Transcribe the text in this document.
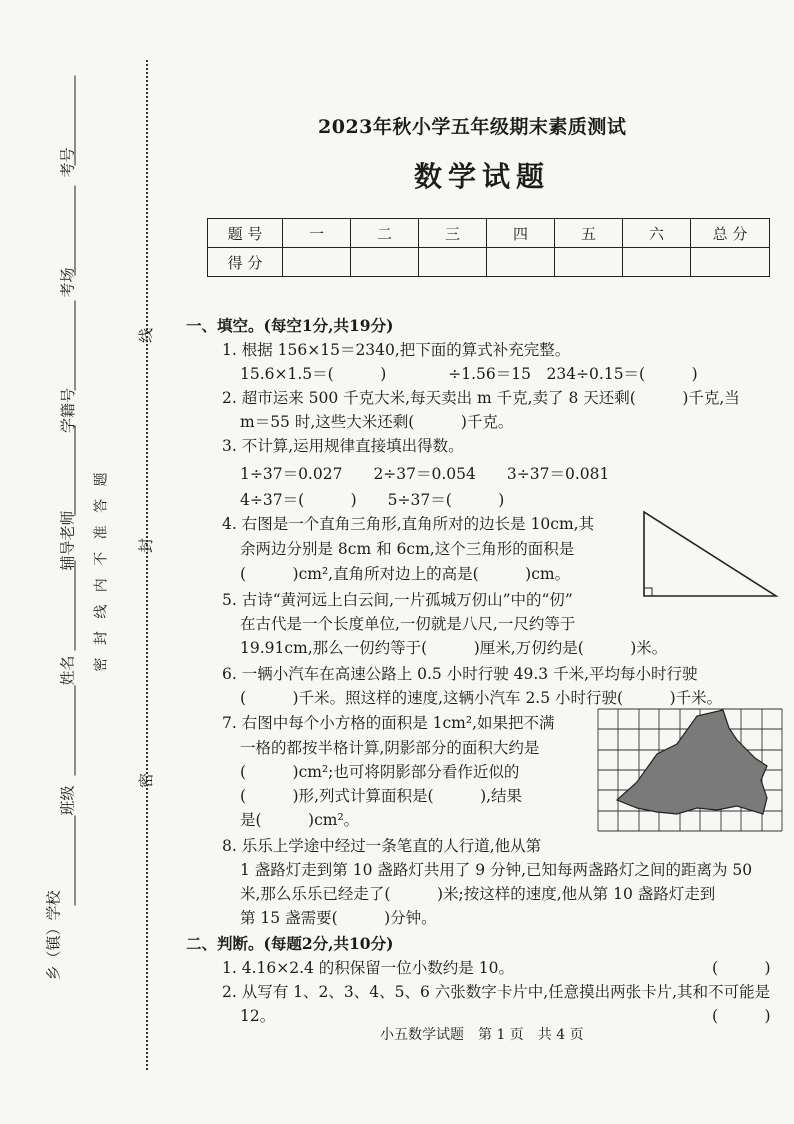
考号
考场
学籍号
辅导老师
姓名
班级
乡（镇）学校
密 封 线 内 不 准 答 题
线
封
密
2023年秋小学五年级期末素质测试
数学试题
题 号	一	二	三	四	五	六	总 分
得 分							
一、填空。(每空1分,共19分)
1. 根据 156×15＝2340,把下面的算式补充完整。
15.6×1.5＝(　　　)　　　　÷1.56＝15　234÷0.15＝(　　　)
2. 超市运来 500 千克大米,每天卖出 m 千克,卖了 8 天还剩(　　　)千克,当
m＝55 时,这些大米还剩(　　　)千克。
3. 不计算,运用规律直接填出得数。
1÷37＝0.027　　2÷37＝0.054　　3÷37＝0.081
4÷37＝(　　　)　　5÷37＝(　　　)
4. 右图是一个直角三角形,直角所对的边长是 10cm,其
余两边分别是 8cm 和 6cm,这个三角形的面积是
(　　　)cm²,直角所对边上的高是(　　　)cm。
5. 古诗“黄河远上白云间,一片孤城万仞山”中的“仞”
在古代是一个长度单位,一仞就是八尺,一尺约等于
19.91cm,那么一仞约等于(　　　)厘米,万仞约是(　　　)米。
6. 一辆小汽车在高速公路上 0.5 小时行驶 49.3 千米,平均每小时行驶
(　　　)千米。照这样的速度,这辆小汽车 2.5 小时行驶(　　　)千米。
7. 右图中每个小方格的面积是 1cm²,如果把不满
一格的都按半格计算,阴影部分的面积大约是
(　　　)cm²;也可将阴影部分看作近似的
(　　　)形,列式计算面积是(　　　),结果
是(　　　)cm²。
8. 乐乐上学途中经过一条笔直的人行道,他从第
1 盏路灯走到第 10 盏路灯共用了 9 分钟,已知每两盏路灯之间的距离为 50
米,那么乐乐已经走了(　　　)米;按这样的速度,他从第 10 盏路灯走到
第 15 盏需要(　　　)分钟。
二、判断。(每题2分,共10分)
1. 4.16×2.4 的积保留一位小数约是 10。	(　　　)
2. 从写有 1、2、3、4、5、6 六张数字卡片中,任意摸出两张卡片,其和不可能是
12。	(　　　)
小五数学试题　第 1 页　共 4 页
